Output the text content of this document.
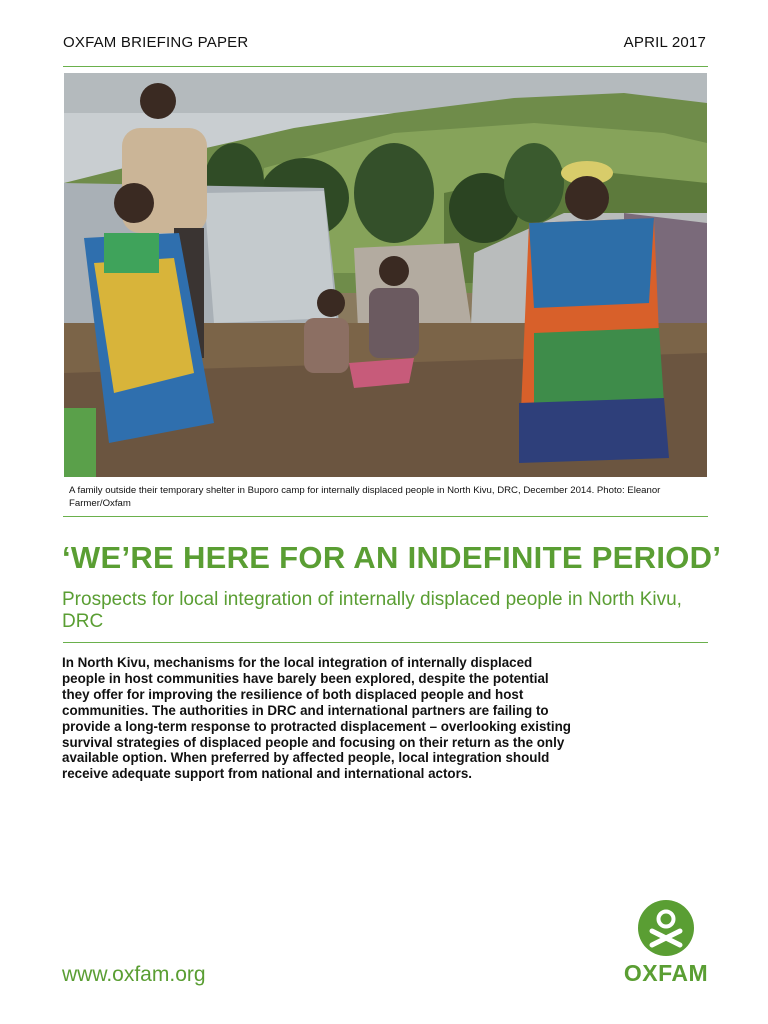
OXFAM BRIEFING PAPER	APRIL 2017
A family outside their temporary shelter in Buporo camp for internally displaced people in North Kivu, DRC, December 2014. Photo: Eleanor Farmer/Oxfam
‘WE’RE HERE FOR AN INDEFINITE PERIOD’
Prospects for local integration of internally displaced people in North Kivu, DRC
In North Kivu, mechanisms for the local integration of internally displaced people in host communities have barely been explored, despite the potential they offer for improving the resilience of both displaced people and host communities. The authorities in DRC and international partners are failing to provide a long-term response to protracted displacement – overlooking existing survival strategies of displaced people and focusing on their return as the only available option. When preferred by affected people, local integration should receive adequate support from national and international actors.
www.oxfam.org	OXFAM
